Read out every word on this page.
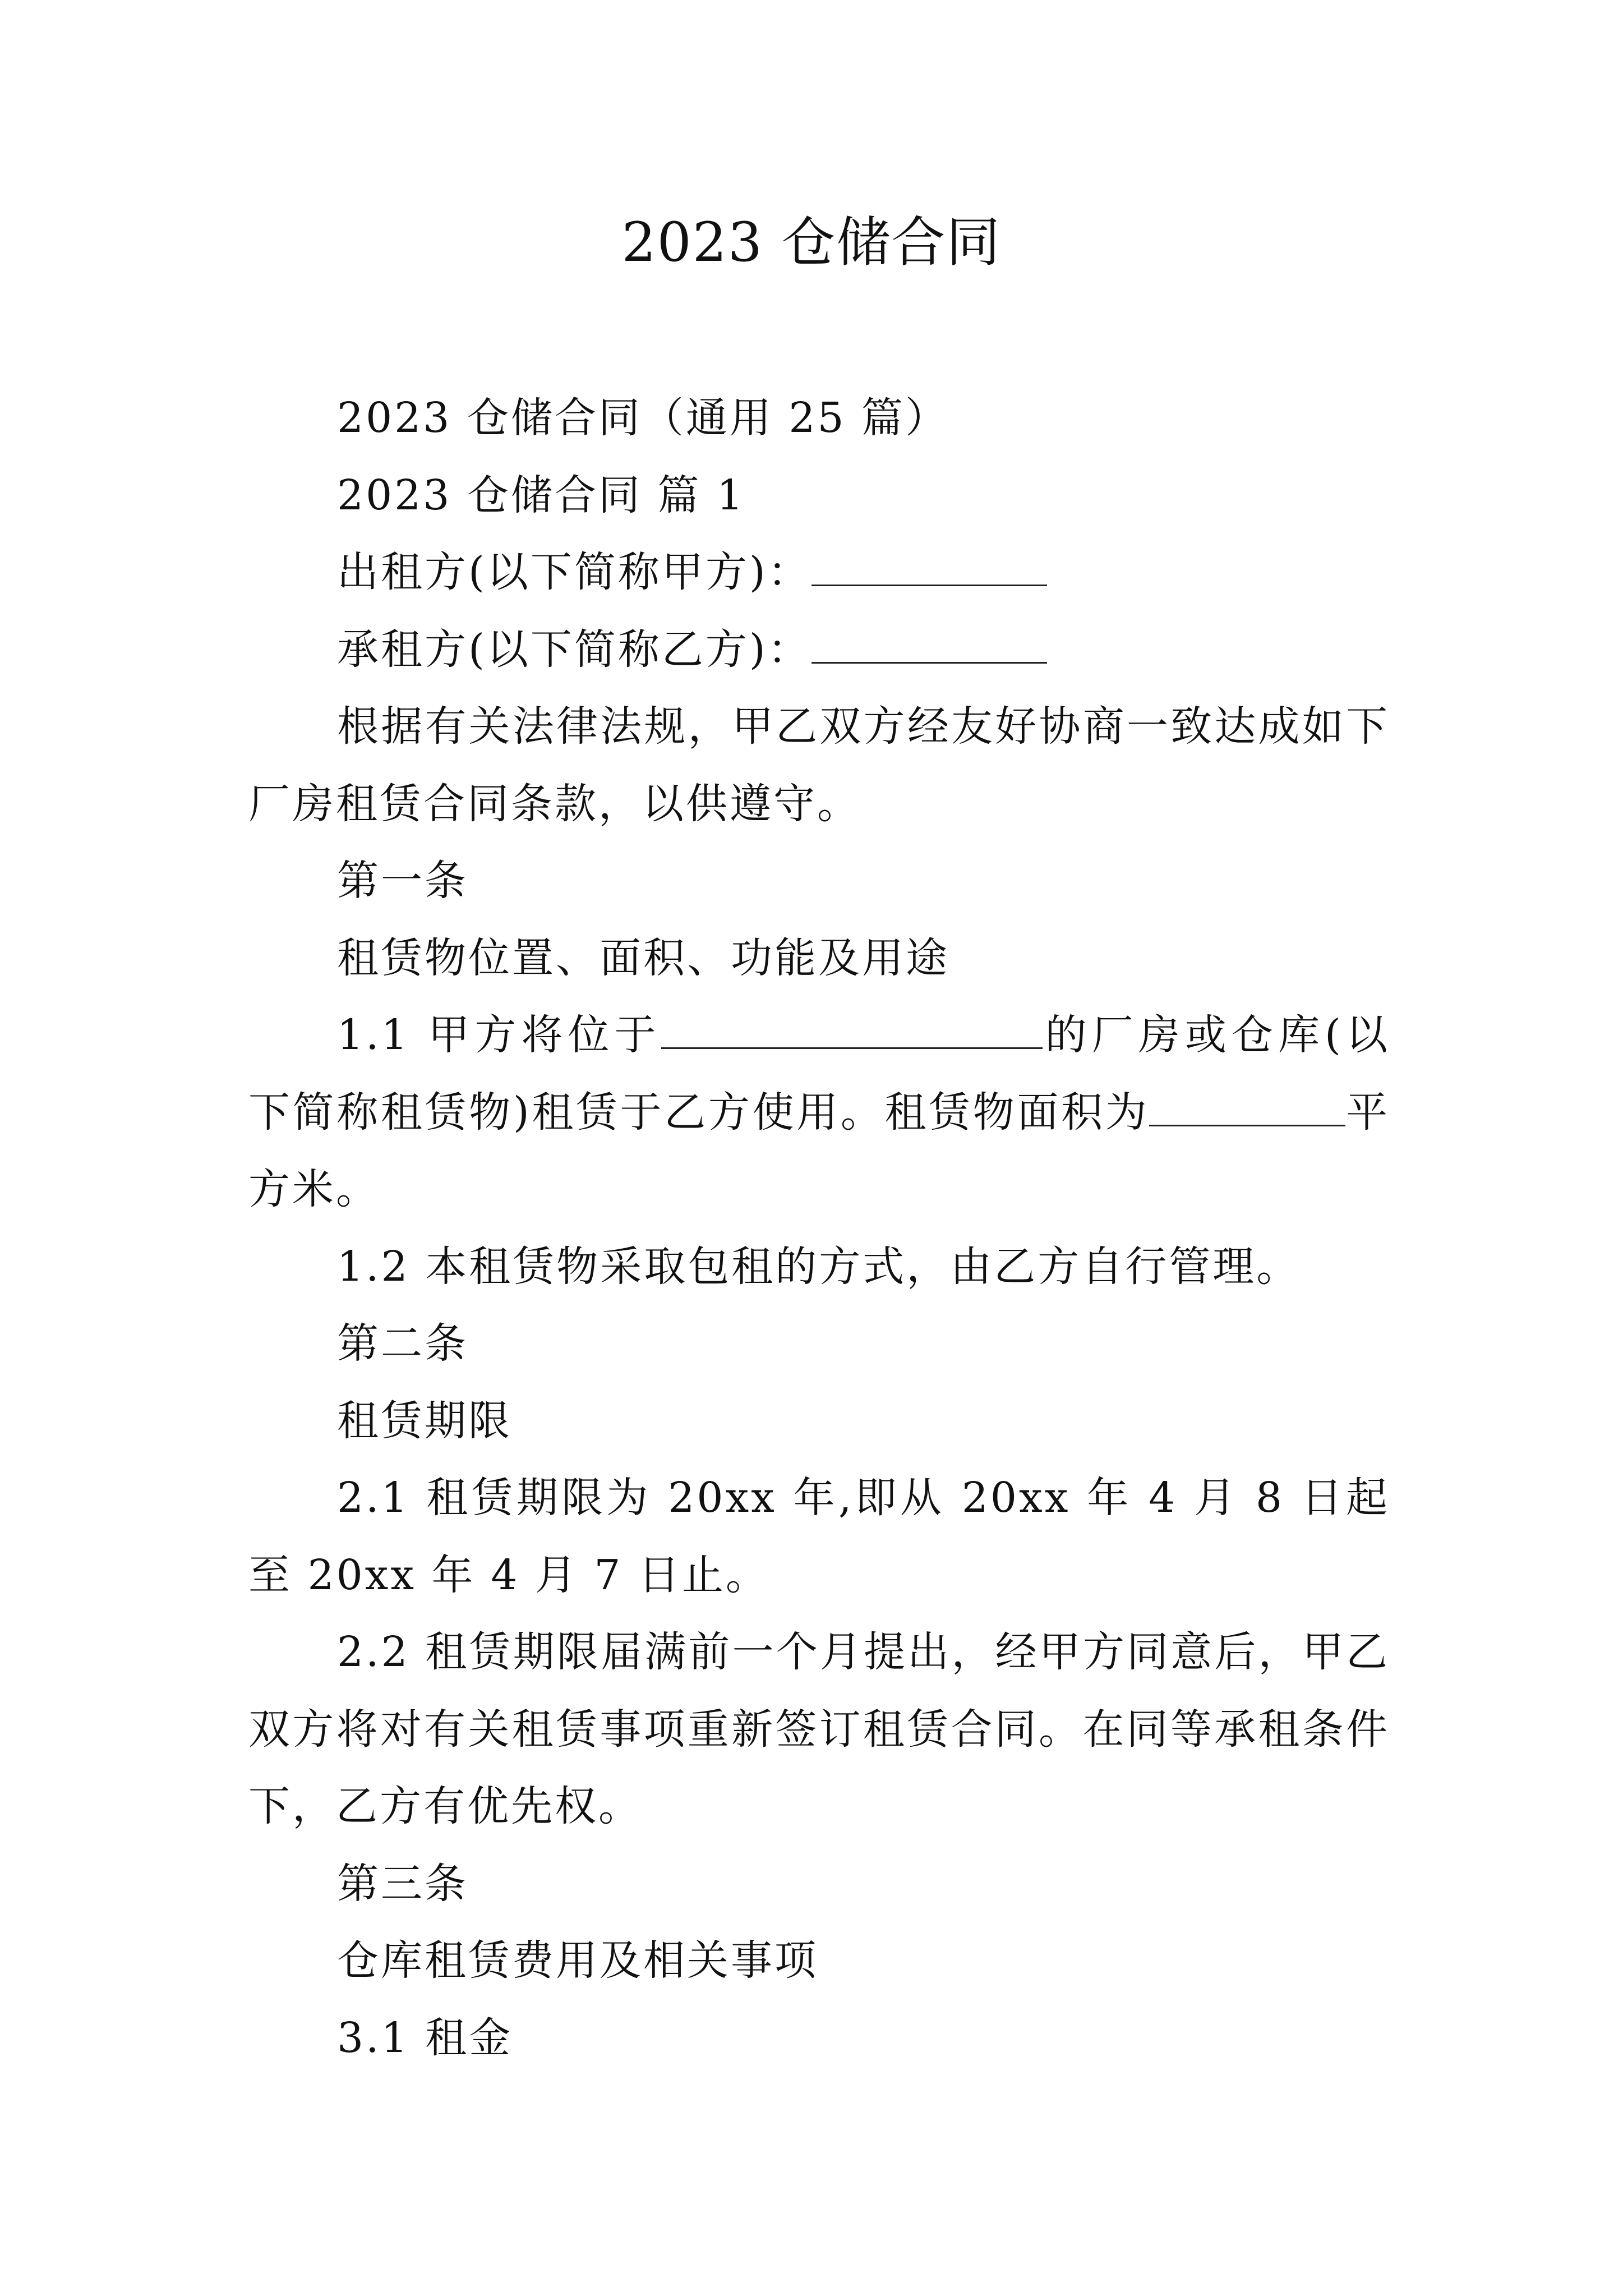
2023 仓储合同

2023 仓储合同（通用 25 篇）

2023 仓储合同 篇 1

出租方(以下简称甲方)：

承租方(以下简称乙方)：

根据有关法律法规，甲乙双方经友好协商一致达成如下厂房租赁合同条款，以供遵守。

第一条

租赁物位置、面积、功能及用途

1.1 甲方将位于	的厂房或仓库(以下简称租赁物)租赁于乙方使用。租赁物面积为	平方米。

1.2 本租赁物采取包租的方式，由乙方自行管理。

第二条

租赁期限

2.1 租赁期限为 20xx 年,即从 20xx 年 4 月 8 日起至 20xx 年 4 月 7 日止。

2.2 租赁期限届满前一个月提出，经甲方同意后，甲乙双方将对有关租赁事项重新签订租赁合同。在同等承租条件下，乙方有优先权。

第三条

仓库租赁费用及相关事项

3.1 租金
